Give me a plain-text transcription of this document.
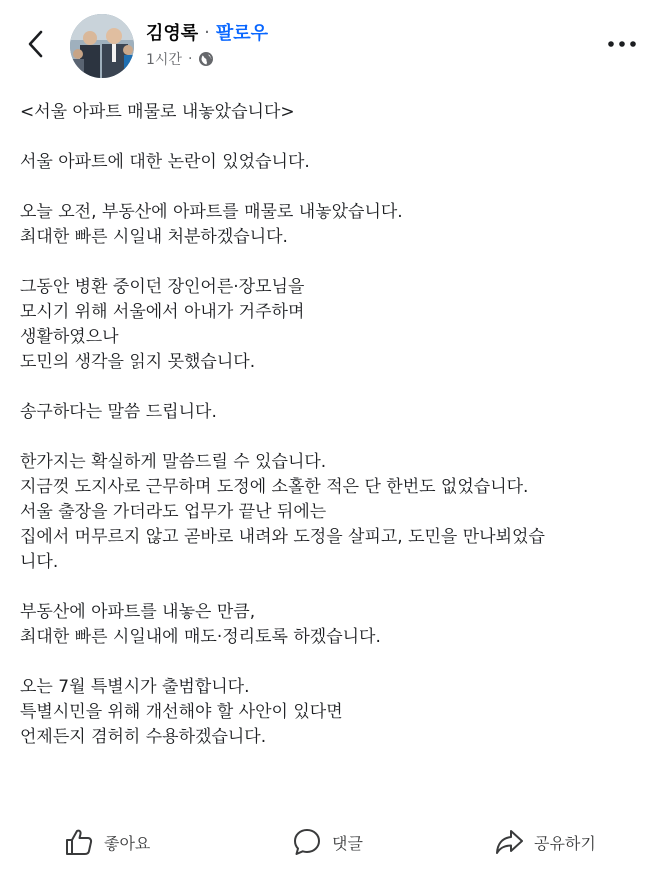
김영록 · 팔로우
1시간 ·
<서울 아파트 매물로 내놓았습니다>
서울 아파트에 대한 논란이 있었습니다.
오늘 오전, 부동산에 아파트를 매물로 내놓았습니다.
최대한 빠른 시일내 처분하겠습니다.
그동안 병환 중이던 장인어른·장모님을
모시기 위해 서울에서 아내가 거주하며
생활하였으나
도민의 생각을 읽지 못했습니다.
송구하다는 말씀 드립니다.
한가지는 확실하게 말씀드릴 수 있습니다.
지금껏 도지사로 근무하며 도정에 소홀한 적은 단 한번도 없었습니다.
서울 출장을 가더라도 업무가 끝난 뒤에는
집에서 머무르지 않고 곧바로 내려와 도정을 살피고, 도민을 만나뵈었습
니다.
부동산에 아파트를 내놓은 만큼,
최대한 빠른 시일내에 매도·정리토록 하겠습니다.
오는 7월 특별시가 출범합니다.
특별시민을 위해 개선해야 할 사안이 있다면
언제든지 겸허히 수용하겠습니다.
좋아요	댓글	공유하기
